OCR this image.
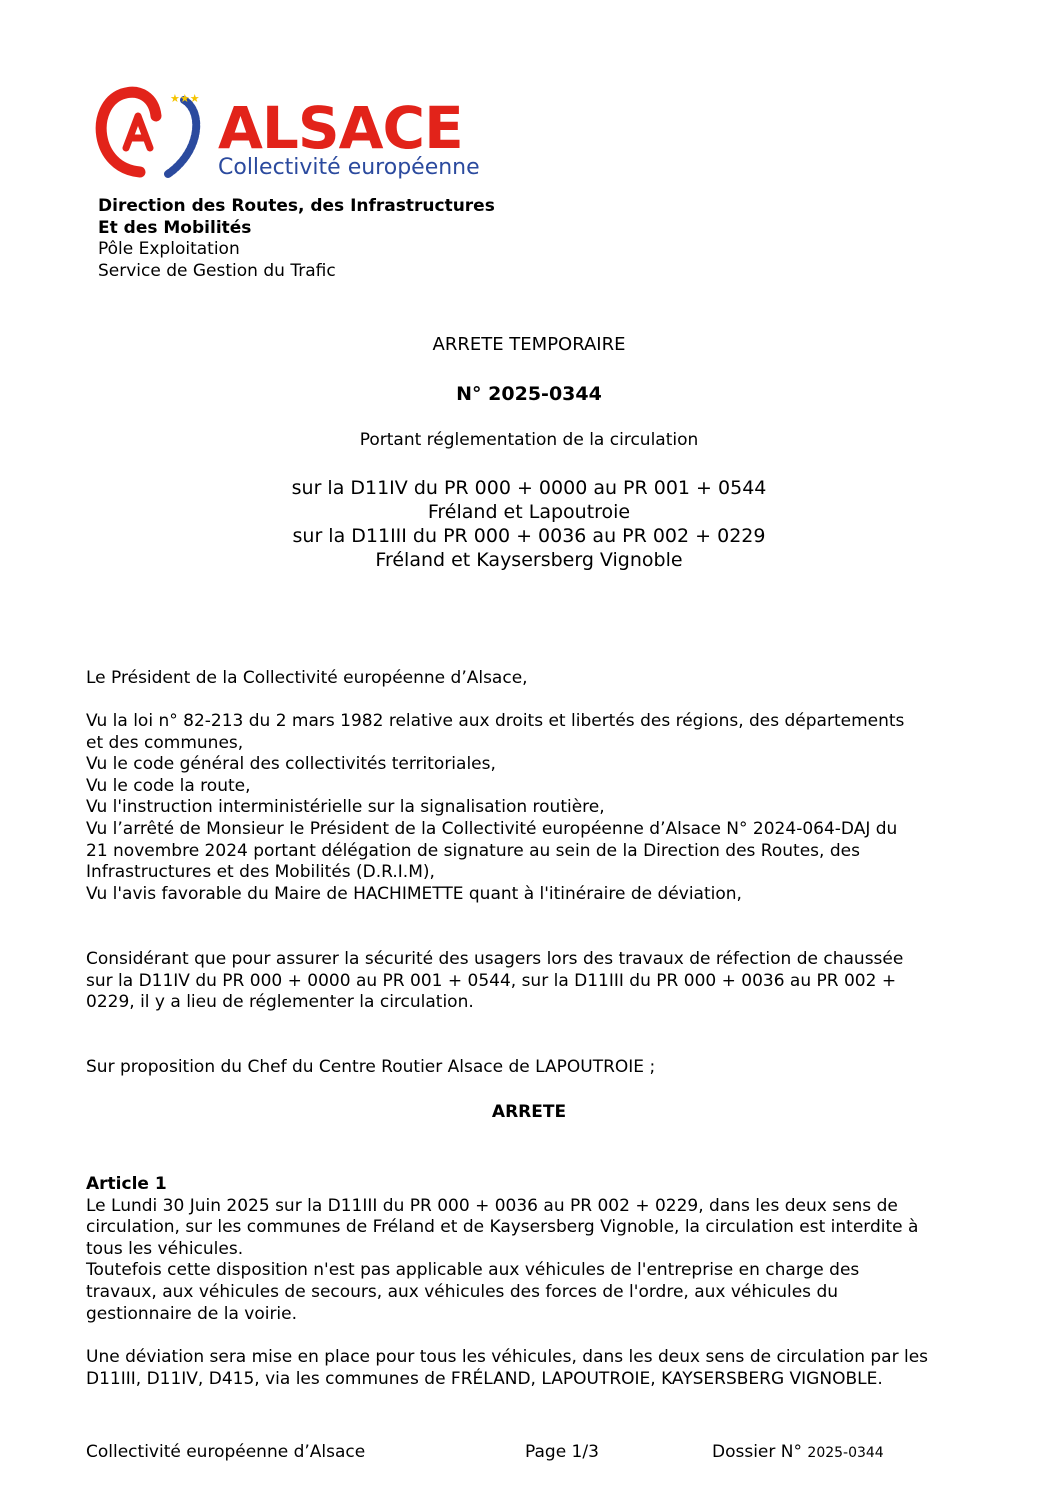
★★★ ALSACE
Collectivité européenne
Direction des Routes, des Infrastructures
Et des Mobilités
Pôle Exploitation
Service de Gestion du Trafic
ARRETE TEMPORAIRE
N° 2025-0344
Portant réglementation de la circulation
sur la D11IV du PR 000 + 0000 au PR 001 + 0544
Fréland et Lapoutroie
sur la D11III du PR 000 + 0036 au PR 002 + 0229
Fréland et Kaysersberg Vignoble
Le Président de la Collectivité européenne d’Alsace,
Vu la loi n° 82-213 du 2 mars 1982 relative aux droits et libertés des régions, des départements
et des communes,
Vu le code général des collectivités territoriales,
Vu le code la route,
Vu l'instruction interministérielle sur la signalisation routière,
Vu l’arrêté de Monsieur le Président de la Collectivité européenne d’Alsace N° 2024-064-DAJ du
21 novembre 2024 portant délégation de signature au sein de la Direction des Routes, des
Infrastructures et des Mobilités (D.R.I.M),
Vu l'avis favorable du Maire de HACHIMETTE quant à l'itinéraire de déviation,
Considérant que pour assurer la sécurité des usagers lors des travaux de réfection de chaussée
sur la D11IV du PR 000 + 0000 au PR 001 + 0544, sur la D11III du PR 000 + 0036 au PR 002 +
0229, il y a lieu de réglementer la circulation.
Sur proposition du Chef du Centre Routier Alsace de LAPOUTROIE ;
ARRETE
Article 1
Le Lundi 30 Juin 2025 sur la D11III du PR 000 + 0036 au PR 002 + 0229, dans les deux sens de
circulation, sur les communes de Fréland et de Kaysersberg Vignoble, la circulation est interdite à
tous les véhicules.
Toutefois cette disposition n'est pas applicable aux véhicules de l'entreprise en charge des
travaux, aux véhicules de secours, aux véhicules des forces de l'ordre, aux véhicules du
gestionnaire de la voirie.
Une déviation sera mise en place pour tous les véhicules, dans les deux sens de circulation par les
D11III, D11IV, D415, via les communes de FRÉLAND, LAPOUTROIE, KAYSERSBERG VIGNOBLE.
Collectivité européenne d’Alsace	Page 1/3	Dossier N° 2025-0344
